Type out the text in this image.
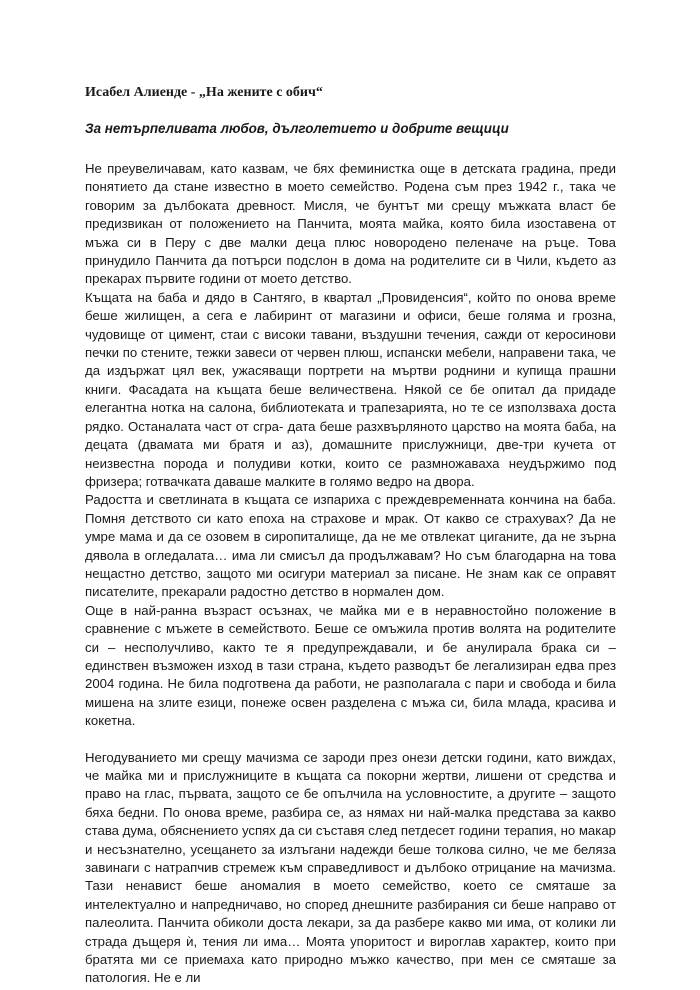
Исабел Алиенде - „На жените с обич“
За нетърпеливата любов, дълголетието и добрите вещици

Не преувеличавам, като казвам, че бях феминистка още в детската градина, преди понятието да стане известно в моето семейство. Родена съм през 1942 г., така че говорим за дълбоката древност. Мисля, че бунтът ми срещу мъжката власт бе предизвикан от положението на Панчита, моята майка, която била изоставена от мъжа си в Перу с две малки деца плюс новородено пеленаче на ръце. Това принудило Панчита да потърси подслон в дома на родителите си в Чили, където аз прекарах първите години от моето детство.

Къщата на баба и дядо в Сантяго, в квартал „Провиденсия“, който по онова време беше жилищен, а сега е лабиринт от магазини и офиси, беше голяма и грозна, чудовище от цимент, стаи с високи тавани, въздушни течения, сажди от керосинови печки по стените, тежки завеси от червен плюш, испански мебели, направени така, че да издържат цял век, ужасяващи портрети на мъртви роднини и купища прашни книги. Фасадата на къщата беше величествена. Някой се бе опитал да придаде елегантна нотка на салона, библиотеката и трапезарията, но те се използваха доста рядко. Останалата част от сгра- дата беше разхвърляното царство на моята баба, на децата (двамата ми братя и аз), домашните прислужници, две-три кучета от неизвестна порода и полудиви котки, които се размножаваха неудържимо под фризера; готвачката даваше малките в голямо ведро на двора.

Радостта и светлината в къщата се изпариха с преждевременната кончина на баба. Помня детството си като епоха на страхове и мрак. От какво се страхувах? Да не умре мама и да се озовем в сиропиталище, да не ме отвлекат циганите, да не зърна дявола в огледалата… има ли смисъл да продължавам? Но съм благодарна на това нещастно детство, защото ми осигури материал за писане. Не знам как се оправят писателите, прекарали радостно детство в нормален дом.

Още в най-ранна възраст осъзнах, че майка ми е в неравностойно положение в сравнение с мъжете в семейството. Беше се омъжила против волята на родителите си – несполучливо, както те я предупреждавали, и бе анулирала брака си – единствен възможен изход в тази страна, където разводът бе легализиран едва през 2004 година. Не била подготвена да работи, не разполагала с пари и свобода и била мишена на злите езици, понеже освен разделена с мъжа си, била млада, красива и кокетна.

Негодуванието ми срещу мачизма се зароди през онези детски години, като виждах, че майка ми и прислужниците в къщата са покорни жертви, лишени от средства и право на глас, първата, защото се бе опълчила на условностите, а другите – защото бяха бедни. По онова време, разбира се, аз нямах ни най-малка представа за какво става дума, обяснението успях да си съставя след петдесет години терапия, но макар и несъзнателно, усещането за излъгани надежди беше толкова силно, че ме беляза завинаги с натрапчив стремеж към справедливост и дълбоко отрицание на мачизма. Тази ненавист беше аномалия в моето семейство, което се смяташе за интелектуално и напредничаво, но според днешните разбирания си беше направо от палеолита. Панчита обиколи доста лекари, за да разбере какво ми има, от колики ли страда дъщеря ѝ, тения ли има… Моята упоритост и вироглав характер, които при братята ми се приемаха като природно мъжко качество, при мен се смяташе за патология. Не е ли
